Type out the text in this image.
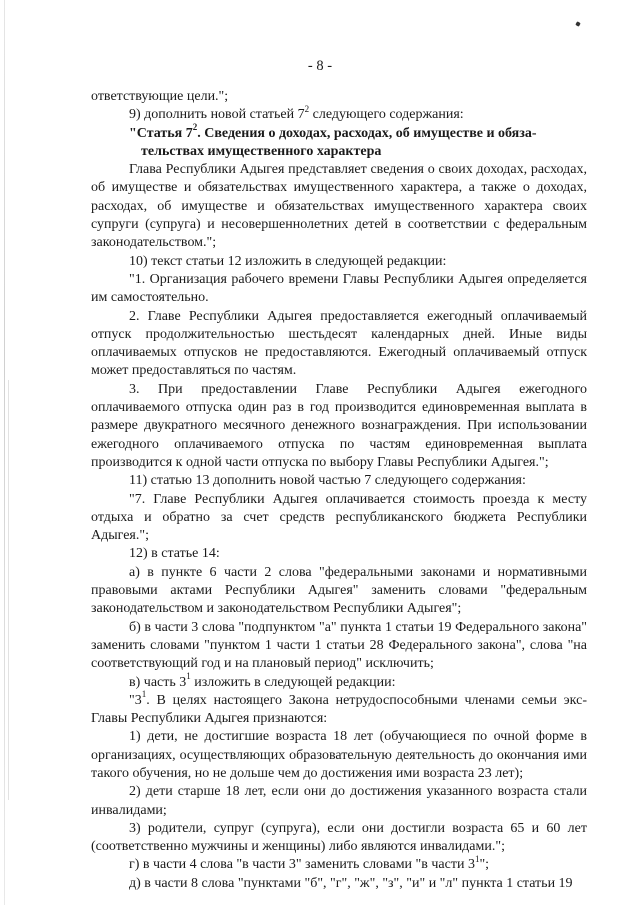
- 8 -

ответствующие цели.";

9) дополнить новой статьей $7^2$ следующего содержания:

"Статья $7^2$. Сведения о доходах, расходах, об имуществе и обяза-
тельствах имущественного характера

Глава Республики Адыгея представляет сведения о своих доходах, расходах, об имуществе и обязательствах имущественного характера, а также о доходах, расходах, об имуществе и обязательствах имущественного характера своих супруги (супруга) и несовершеннолетних детей в соответствии с федеральным законодательством.";

10) текст статьи 12 изложить в следующей редакции:

"1. Организация рабочего времени Главы Республики Адыгея определяется им самостоятельно.

2. Главе Республики Адыгея предоставляется ежегодный оплачиваемый отпуск продолжительностью шестьдесят календарных дней. Иные виды оплачиваемых отпусков не предоставляются. Ежегодный оплачиваемый отпуск может предоставляться по частям.

3. При предоставлении Главе Республики Адыгея ежегодного оплачиваемого отпуска один раз в год производится единовременная выплата в размере двукратного месячного денежного вознаграждения. При использовании ежегодного оплачиваемого отпуска по частям единовременная выплата производится к одной части отпуска по выбору Главы Республики Адыгея.";

11) статью 13 дополнить новой частью 7 следующего содержания:

"7. Главе Республики Адыгея оплачивается стоимость проезда к месту отдыха и обратно за счет средств республиканского бюджета Республики Адыгея.";

12) в статье 14:

а) в пункте 6 части 2 слова "федеральными законами и нормативными правовыми актами Республики Адыгея" заменить словами "федеральным законодательством и законодательством Республики Адыгея";

б) в части 3 слова "подпунктом "а" пункта 1 статьи 19 Федерального закона" заменить словами "пунктом 1 части 1 статьи 28 Федерального закона", слова "на соответствующий год и на плановый период" исключить;

в) часть $3^1$ изложить в следующей редакции:

"$3^1$. В целях настоящего Закона нетрудоспособными членами семьи экс-Главы Республики Адыгея признаются:

1) дети, не достигшие возраста 18 лет (обучающиеся по очной форме в организациях, осуществляющих образовательную деятельность до окончания ими такого обучения, но не дольше чем до достижения ими возраста 23 лет);

2) дети старше 18 лет, если они до достижения указанного возраста стали инвалидами;

3) родители, супруг (супруга), если они достигли возраста 65 и 60 лет (соответственно мужчины и женщины) либо являются инвалидами.";

г) в части 4 слова "в части 3" заменить словами "в части $3^1$";

д) в части 8 слова "пунктами "б", "г", "ж", "з", "и" и "л" пункта 1 статьи 19
